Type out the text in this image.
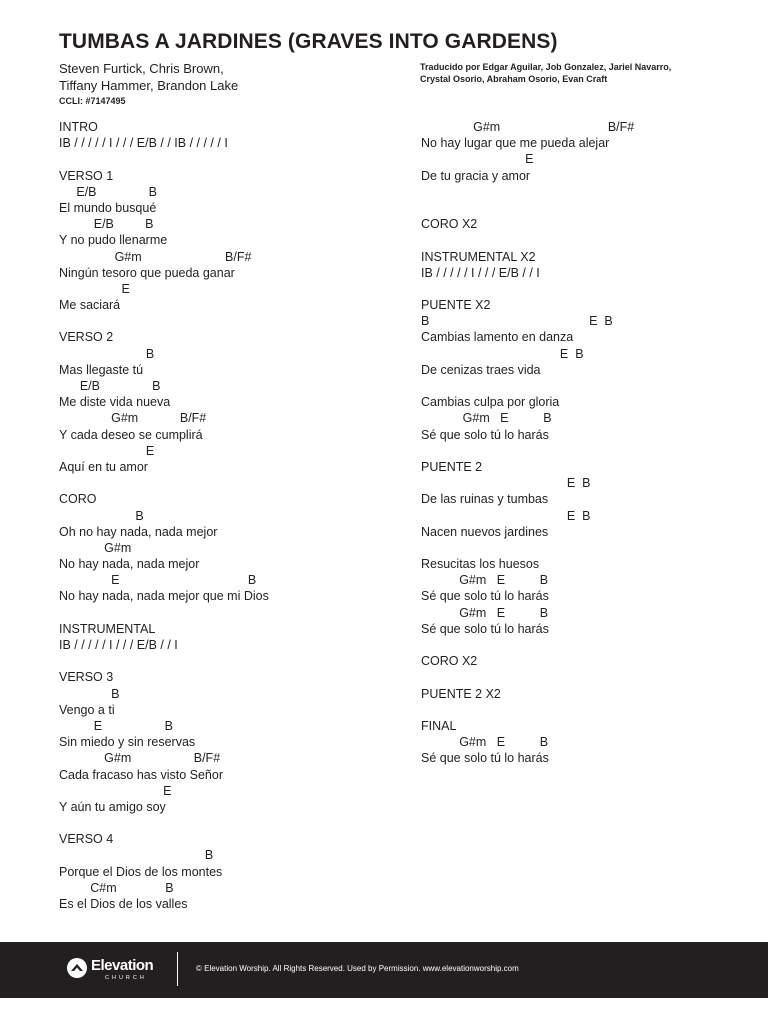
TUMBAS A JARDINES (GRAVES INTO GARDENS)
Steven Furtick, Chris Brown,
Tiffany Hammer, Brandon Lake
CCLI: #7147495
Traducido por Edgar Aguilar, Job Gonzalez, Jariel Navarro,
Crystal Osorio, Abraham Osorio, Evan Craft
INTRO
IB / / / / / I / / / E/B / / IB / / / / / I
VERSO 1
E/B               B
El mundo busqué
E/B         B
Y no pudo llenarme
G#m                        B/F#
Ningún tesoro que pueda ganar
E
Me saciará
VERSO 2
B
Mas llegaste tú
E/B               B
Me diste vida nueva
G#m            B/F#
Y cada deseo se cumplirá
E
Aquí en tu amor
CORO
B
Oh no hay nada, nada mejor
G#m
No hay nada, nada mejor
E                                     B
No hay nada, nada mejor que mi Dios
INSTRUMENTAL
IB / / / / / I / / / E/B / / I
VERSO 3
B
Vengo a ti
E                  B
Sin miedo y sin reservas
G#m                  B/F#
Cada fracaso has visto Señor
E
Y aún tu amigo soy
VERSO 4
B
Porque el Dios de los montes
C#m              B
Es el Dios de los valles
G#m                               B/F#
No hay lugar que me pueda alejar
E
De tu gracia y amor
CORO X2
INSTRUMENTAL X2
IB / / / / / I / / / E/B / / I
PUENTE X2
B                                              E  B
Cambias lamento en danza
E  B
De cenizas traes vida
Cambias culpa por gloria
G#m   E          B
Sé que solo tú lo harás
PUENTE 2
E  B
De las ruinas y tumbas
E  B
Nacen nuevos jardines
Resucitas los huesos
G#m   E          B
Sé que solo tú lo harás
G#m   E          B
Sé que solo tú lo harás
CORO X2
PUENTE 2 X2
FINAL
G#m   E          B
Sé que solo tú lo harás
Elevation
CHURCH
© Elevation Worship. All Rights Reserved. Used by Permission. www.elevationworship.com
